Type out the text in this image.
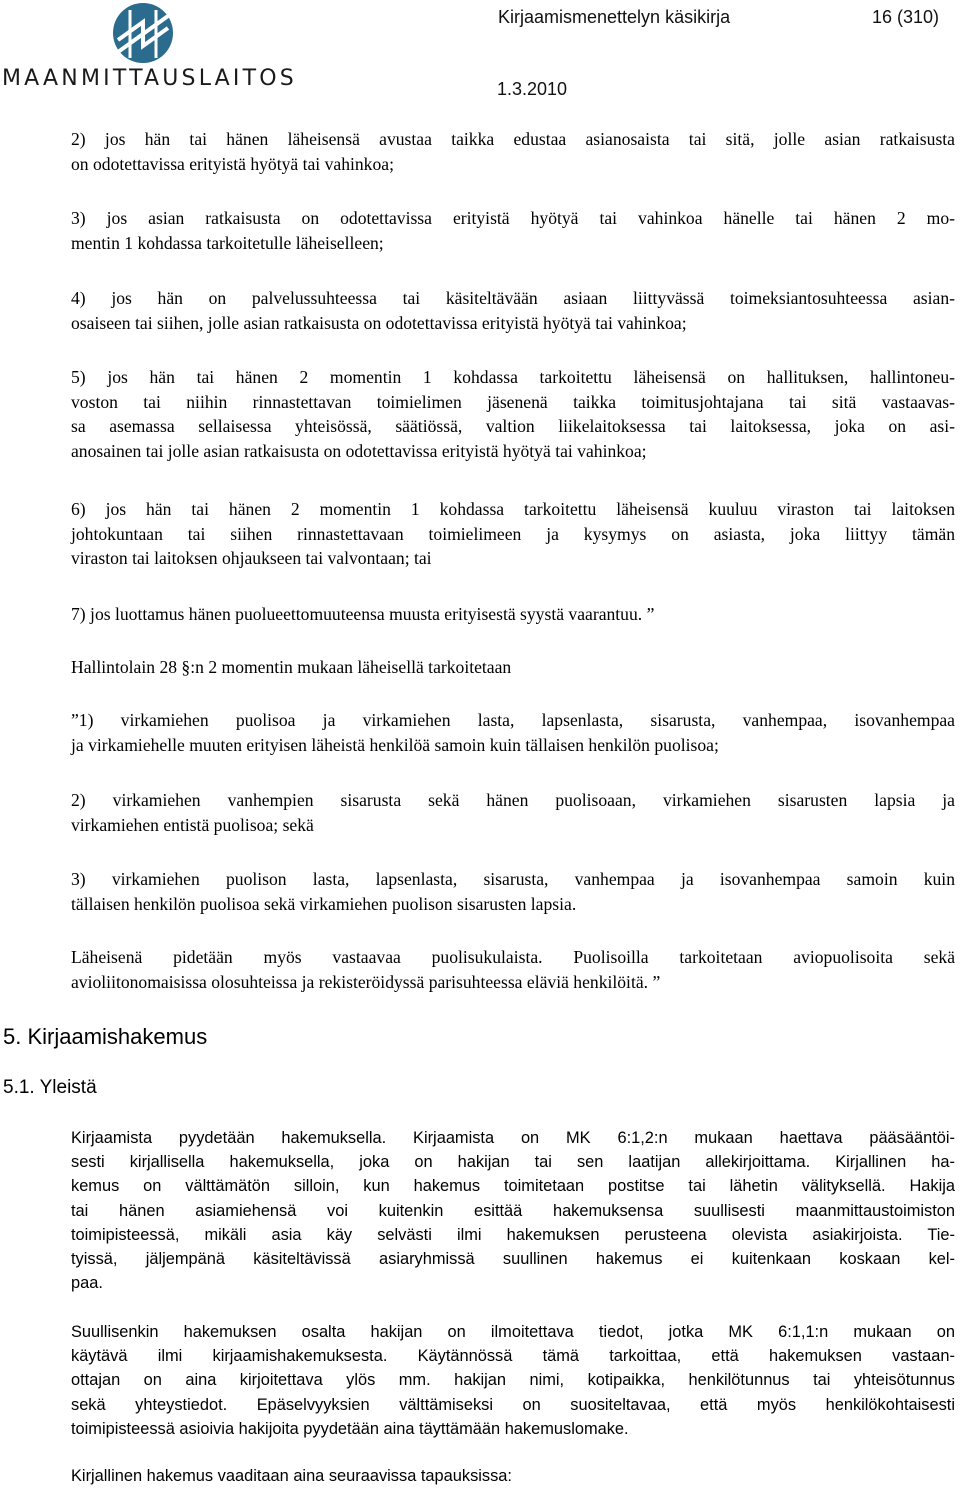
MAANMITTAUSLAITOS
Kirjaamismenettelyn käsikirja	16 (310)
1.3.2010

2) jos hän tai hänen läheisensä avustaa taikka edustaa asianosaista tai sitä, jolle asian ratkaisusta
on odotettavissa erityistä hyötyä tai vahinkoa;

3) jos asian ratkaisusta on odotettavissa erityistä hyötyä tai vahinkoa hänelle tai hänen 2 mo-
mentin 1 kohdassa tarkoitetulle läheiselleen;

4) jos hän on palvelussuhteessa tai käsiteltävään asiaan liittyvässä toimeksiantosuhteessa asian-
osaiseen tai siihen, jolle asian ratkaisusta on odotettavissa erityistä hyötyä tai vahinkoa;

5) jos hän tai hänen 2 momentin 1 kohdassa tarkoitettu läheisensä on hallituksen, hallintoneu-
voston tai niihin rinnastettavan toimielimen jäsenenä taikka toimitusjohtajana tai sitä vastaavas-
sa asemassa sellaisessa yhteisössä, säätiössä, valtion liikelaitoksessa tai laitoksessa, joka on asi-
anosainen tai jolle asian ratkaisusta on odotettavissa erityistä hyötyä tai vahinkoa;

6) jos hän tai hänen 2 momentin 1 kohdassa tarkoitettu läheisensä kuuluu viraston tai laitoksen
johtokuntaan tai siihen rinnastettavaan toimielimeen ja kysymys on asiasta, joka liittyy tämän
viraston tai laitoksen ohjaukseen tai valvontaan; tai

7) jos luottamus hänen puolueettomuuteensa muusta erityisestä syystä vaarantuu. ”

Hallintolain 28 §:n 2 momentin mukaan läheisellä tarkoitetaan

”1) virkamiehen puolisoa ja virkamiehen lasta, lapsenlasta, sisarusta, vanhempaa, isovanhempaa
ja virkamiehelle muuten erityisen läheistä henkilöä samoin kuin tällaisen henkilön puolisoa;

2) virkamiehen vanhempien sisarusta sekä hänen puolisoaan, virkamiehen sisarusten lapsia ja
virkamiehen entistä puolisoa; sekä

3) virkamiehen puolison lasta, lapsenlasta, sisarusta, vanhempaa ja isovanhempaa samoin kuin
tällaisen henkilön puolisoa sekä virkamiehen puolison sisarusten lapsia.

Läheisenä pidetään myös vastaavaa puolisukulaista. Puolisoilla tarkoitetaan aviopuolisoita sekä
avioliitonomaisissa olosuhteissa ja rekisteröidyssä parisuhteessa eläviä henkilöitä. ”

5. Kirjaamishakemus
5.1. Yleistä

Kirjaamista pyydetään hakemuksella. Kirjaamista on MK 6:1,2:n mukaan haettava pääsääntöi-
sesti kirjallisella hakemuksella, joka on hakijan tai sen laatijan allekirjoittama. Kirjallinen ha-
kemus on välttämätön silloin, kun hakemus toimitetaan postitse tai lähetin välityksellä. Hakija
tai hänen asiamiehensä voi kuitenkin esittää hakemuksensa suullisesti maanmittaustoimiston
toimipisteessä, mikäli asia käy selvästi ilmi hakemuksen perusteena olevista asiakirjoista. Tie-
tyissä, jäljempänä käsiteltävissä asiaryhmissä suullinen hakemus ei kuitenkaan koskaan kel-
paa.

Suullisenkin hakemuksen osalta hakijan on ilmoitettava tiedot, jotka MK 6:1,1:n mukaan on
käytävä ilmi kirjaamishakemuksesta. Käytännössä tämä tarkoittaa, että hakemuksen vastaan-
ottajan on aina kirjoitettava ylös mm. hakijan nimi, kotipaikka, henkilötunnus tai yhteisötunnus
sekä yhteystiedot. Epäselvyyksien välttämiseksi on suositeltavaa, että myös henkilökohtaisesti
toimipisteessä asioivia hakijoita pyydetään aina täyttämään hakemuslomake.

Kirjallinen hakemus vaaditaan aina seuraavissa tapauksissa:
